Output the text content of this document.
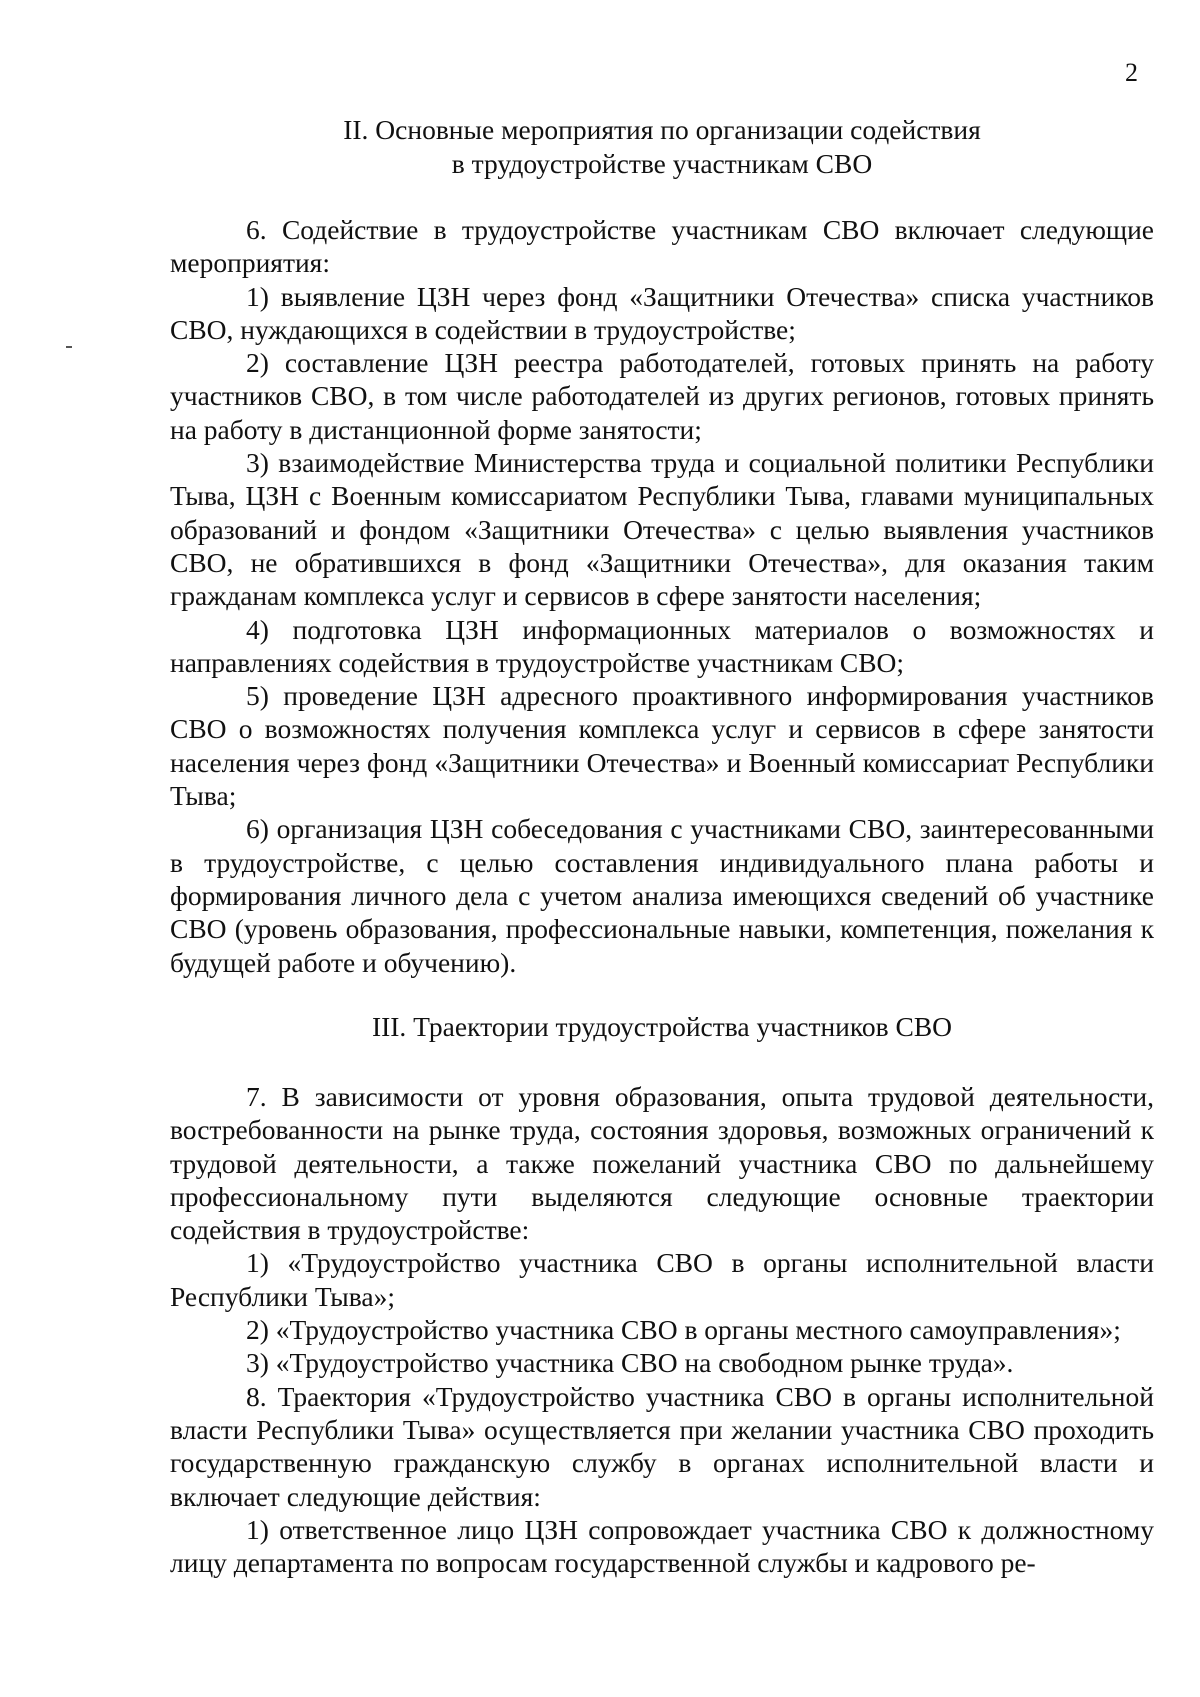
2
II. Основные мероприятия по организации содействия
в трудоустройстве участникам СВО

6. Содействие в трудоустройстве участникам СВО включает следующие мероприятия:

1) выявление ЦЗН через фонд «Защитники Отечества» списка участников СВО, нуждающихся в содействии в трудоустройстве;

2) составление ЦЗН реестра работодателей, готовых принять на работу участников СВО, в том числе работодателей из других регионов, готовых принять на работу в дистанционной форме занятости;

3) взаимодействие Министерства труда и социальной политики Республики Тыва, ЦЗН с Военным комиссариатом Республики Тыва, главами муниципальных образований и фондом «Защитники Отечества» с целью выявления участников СВО, не обратившихся в фонд «Защитники Отечества», для оказания таким гражданам комплекса услуг и сервисов в сфере занятости населения;

4) подготовка ЦЗН информационных материалов о возможностях и направлениях содействия в трудоустройстве участникам СВО;

5) проведение ЦЗН адресного проактивного информирования участников СВО о возможностях получения комплекса услуг и сервисов в сфере занятости населения через фонд «Защитники Отечества» и Военный комиссариат Республики Тыва;

6) организация ЦЗН собеседования с участниками СВО, заинтересованными в трудоустройстве, с целью составления индивидуального плана работы и формирования личного дела с учетом анализа имеющихся сведений об участнике СВО (уровень образования, профессиональные навыки, компетенция, пожелания к будущей работе и обучению).

III. Траектории трудоустройства участников СВО

7. В зависимости от уровня образования, опыта трудовой деятельности, востребованности на рынке труда, состояния здоровья, возможных ограничений к трудовой деятельности, а также пожеланий участника СВО по дальнейшему профессиональному пути выделяются следующие основные траектории содействия в трудоустройстве:

1) «Трудоустройство участника СВО в органы исполнительной власти Республики Тыва»;

2) «Трудоустройство участника СВО в органы местного самоуправления»;

3) «Трудоустройство участника СВО на свободном рынке труда».

8. Траектория «Трудоустройство участника СВО в органы исполнительной власти Республики Тыва» осуществляется при желании участника СВО проходить государственную гражданскую службу в органах исполнительной власти и включает следующие действия:

1) ответственное лицо ЦЗН сопровождает участника СВО к должностному лицу департамента по вопросам государственной службы и кадрового ре-
